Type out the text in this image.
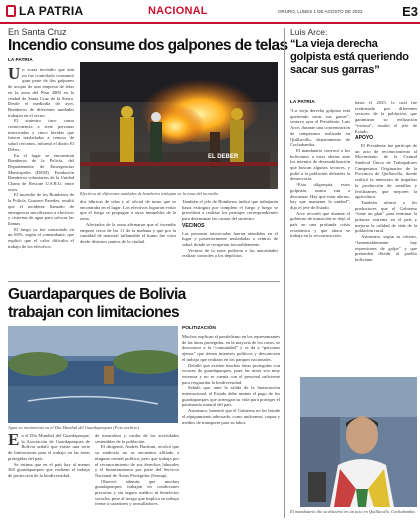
LA PATRIA	NACIONAL	ORURO, LUNES 1 DE AGOSTO DE 2022	E3
En Santa Cruz
Incendio consume dos galpones de telas
LA PATRIA
Un voraz incendio que aún no fue controlado consumió gran parte de dos galpones de acopio de una empresa de telas en la zona del Plan 3000 en la ciudad de Santa Cruz de la Sierra. Desde el mediodía de ayer, Bomberos de diferentes unidades trabajan en el sector.

El siniestro tuvo como consecuencia a siete personas intoxicadas y cinco heridas que fueron trasladadas a centros de salud cercanos, informó el diario El Deber.

En el lugar se encuentran Bomberos de la Policía, del Departamento de Emergencias Municipales (DEM), Fundación Bomberos voluntarios de la Unidad Chana de Rescate U.S.R.U. entre otros.

El incendio de los Bomberos de la Policía, Gustavo Paredes, resaltó que el incidente llamado de emergencia movilizaron a efectivos y cisternas de agua para sofocar las llamas.

El fuego ya fue controlado en un 60%, según el comandante, que explicó que el calor dificulta el trabajo de los efectivos.

EL DEBER
Efectivos de diferentes unidades de bomberos trabajan en la zona del incendio.

dos fábricas de telas y al oficial de turno que se encontraba en el lugar. Los efectivos lograron evitar que el fuego se propague a otros inmuebles de la zona.

Afectados de la zona afirmaron que el incendio empezó cerca de las 11 de la mañana y que por la cantidad de material inflamable el humo fue visto desde distintos puntos de la ciudad.

También el jefe de Bomberos indicó que trabajarán hasta extinguir por completo el fuego y luego se procederá a realizar los peritajes correspondientes para determinar las causas del siniestro.

VECINOS

Las personas intoxicadas fueron atendidas en el lugar y posteriormente trasladadas a centros de salud, donde se recuperan favorablemente.

Vecinos de la zona pidieron a las autoridades realizar controles a los depósitos.

Luis Arce:
“La vieja derecha golpista está queriendo sacar sus garras”
LA PATRIA

“La vieja derecha golpista está queriendo sacar sus garras”, sostuvo ayer el Presidente, Luis Arce, durante una concentración de campesinos realizada en Quillacollo, departamento de Cochabamba.

El mandatario convocó a los bolivianos a estar alertas ante los intentos de desestabilización que buscan algunos sectores, y pidió a la población defender la democracia.

“Esta oligarquía, estos golpistas, nunca van a descansar. Hay que estar alertas, hay que mantener la unidad”, dijo el jefe de Estado.

Arce recordó que durante el gobierno de transición se dejó al país en una profunda crisis económica y que ahora se trabaja en la reconstrucción.

hasta el 2025, lo cual fue reafirmado por diferentes sectores de la población, que garantizan su realización “exitosa”, resaltó el jefe de Estado.

APOYO

El Presidente fue partícipe de un acto de reconocimiento al Movimiento de la Central Sindical Única de Trabajadores Campesinos Originarios de la Provincia de Quillacollo, donde ratificó la intención de impulsar la producción de semillas y fertilizantes que mejoren la agricultura.

También afirmó a los productores que el Gobierno “tiene un plan” para terminar la pobreza extrema en el país y mejorar la calidad de vida de la población rural.

Asimismo, según su criterio, “lamentablemente hay expresiones de golpe” y que pretenden dividir al pueblo boliviano.

El mandatario dio su discurso en un acto en Quillacollo, Cochabamba.
Guardaparques de Bolivia
trabajan con limitaciones
Agua en movimiento en el Día Mundial del Guardaparques (Foto archivo)
POLITIZACIÓN

Muchos explican el paralelismo en los representantes de las áreas protegidas, en la mayoría de los casos, se desconoce a la “comunidad” y se da a “personas ajenas” que tienen intereses políticos y desconocen el trabajo que realizan en los parques nacionales.

Detalló que existen muchas áreas protegidas con escasez de guardaparques, pues las áreas son muy extensas y no se cuenta con el personal suficiente para resguardar la biodiversidad.

Señaló que, ante la salida de la financiación internacional, el Estado debe asumir el pago de los guardaparques que arriesgan su vida para proteger el patrimonio natural del país.

Asimismo, lamentó que el Gobierno no les brinde el equipamiento adecuado, como uniformes, carpas y medios de transporte para su labor.

En el Día Mundial del Guardaparque, la Asociación de Guardaparques de Bolivia señaló que existe una serie de limitaciones para el trabajo en las áreas protegidas del país.

Se estima que en el país hay al menos 360 guardaparques que realizan el trabajo de protección de la biodiversidad.

de naturaleza y cuidar de las actividades sostenibles de la población.

El dirigente, Andrés Hachuni, recalcó que su sindicato no se encuentra afiliado a ninguna central política, pero que trabaja por el reconocimiento de sus derechos laborales y el financiamiento por parte del Servicio Nacional de Áreas Protegidas (Sernap).

Observó además que muchos guardaparques trabajan en condiciones precarias y sin seguro médico ni beneficios sociales, pese al riesgo que implica su trabajo frente a cazadores y avasalladores.
